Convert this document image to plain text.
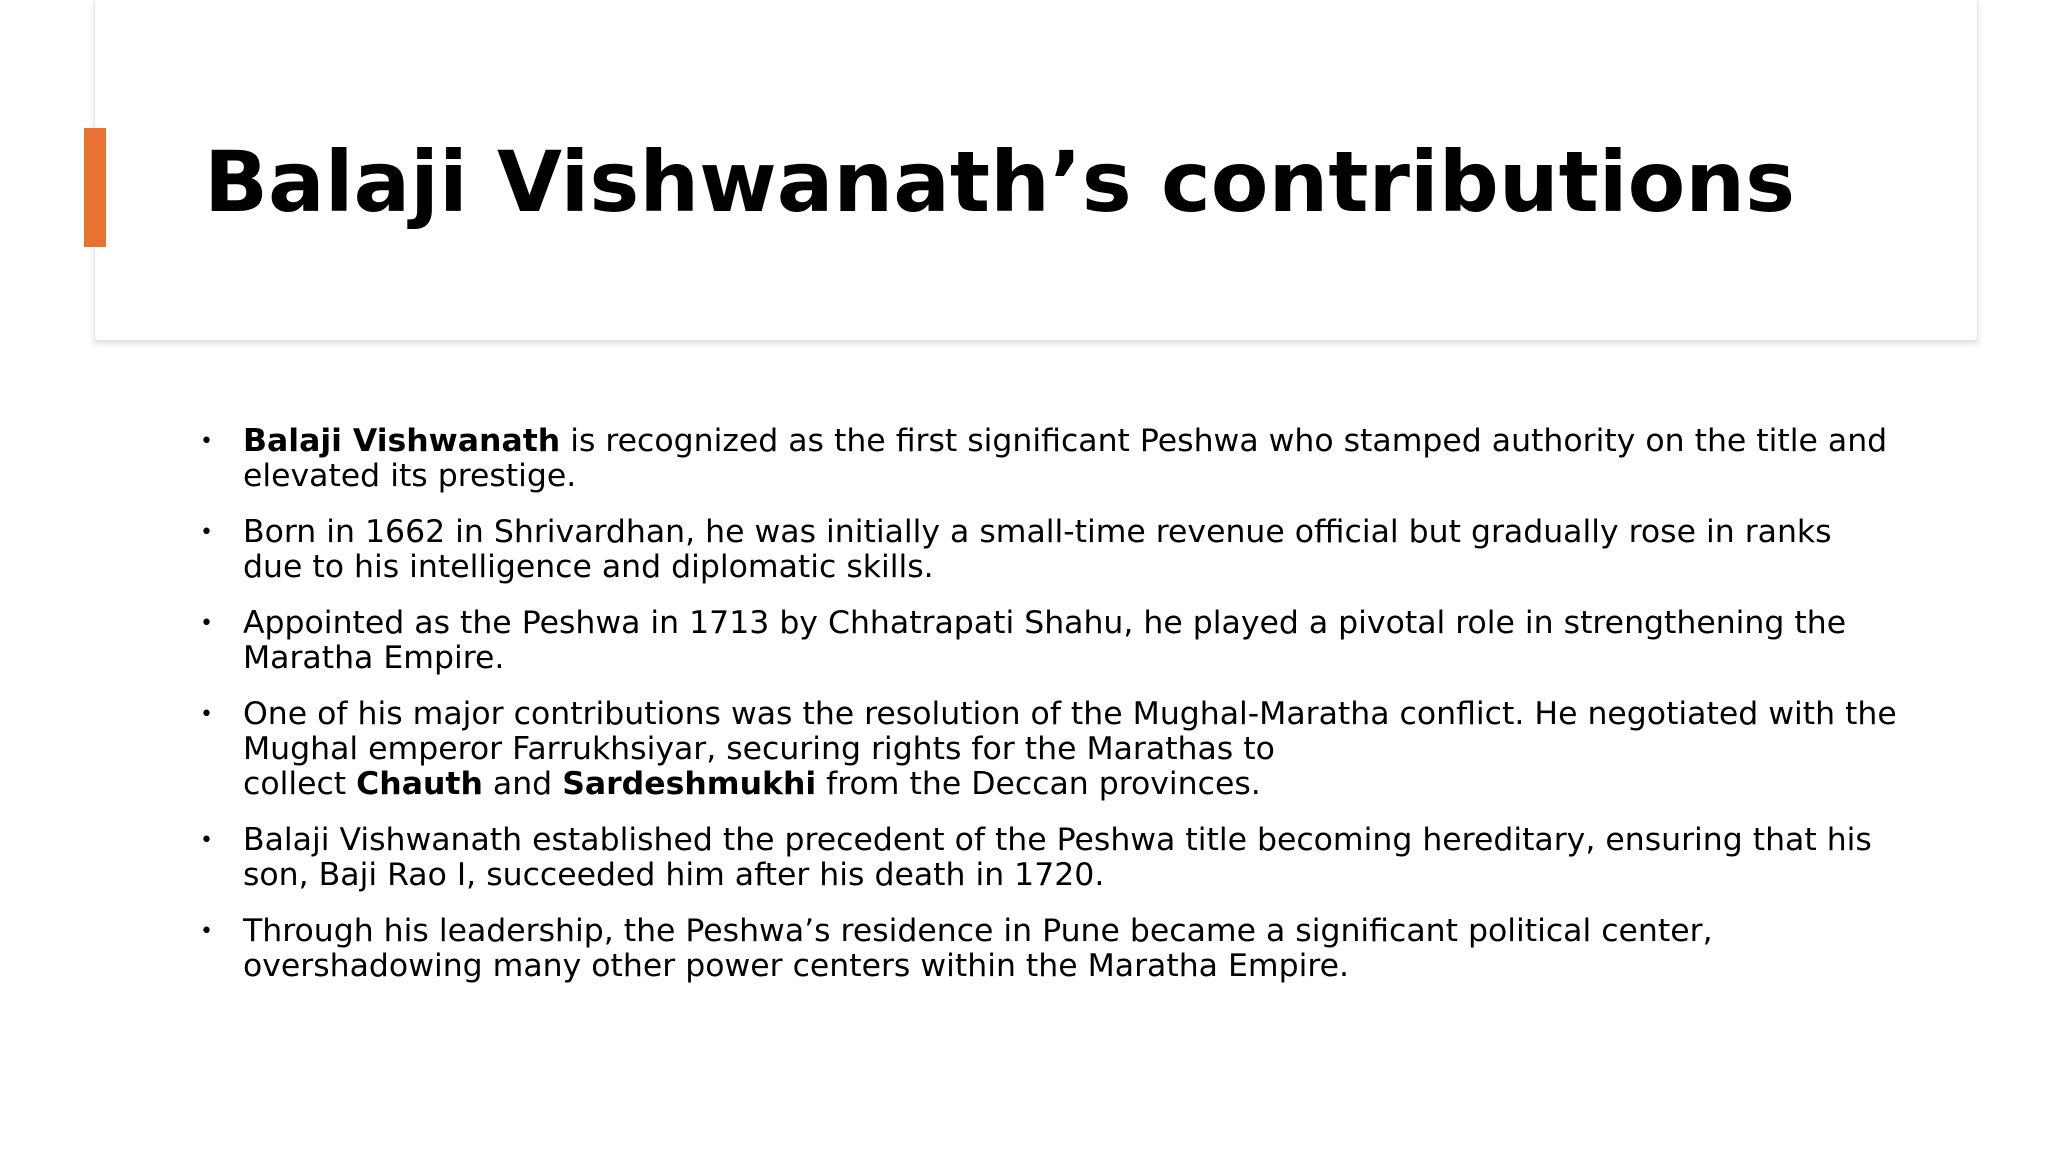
Balaji Vishwanath’s contributions
• Balaji Vishwanath is recognized as the first significant Peshwa who stamped authority on the title and elevated its prestige.
• Born in 1662 in Shrivardhan, he was initially a small-time revenue official but gradually rose in ranks due to his intelligence and diplomatic skills.
• Appointed as the Peshwa in 1713 by Chhatrapati Shahu, he played a pivotal role in strengthening the Maratha Empire.
• One of his major contributions was the resolution of the Mughal-Maratha conflict. He negotiated with the Mughal emperor Farrukhsiyar, securing rights for the Marathas to
collect Chauth and Sardeshmukhi from the Deccan provinces.
• Balaji Vishwanath established the precedent of the Peshwa title becoming hereditary, ensuring that his son, Baji Rao I, succeeded him after his death in 1720.
• Through his leadership, the Peshwa’s residence in Pune became a significant political center, overshadowing many other power centers within the Maratha Empire.
